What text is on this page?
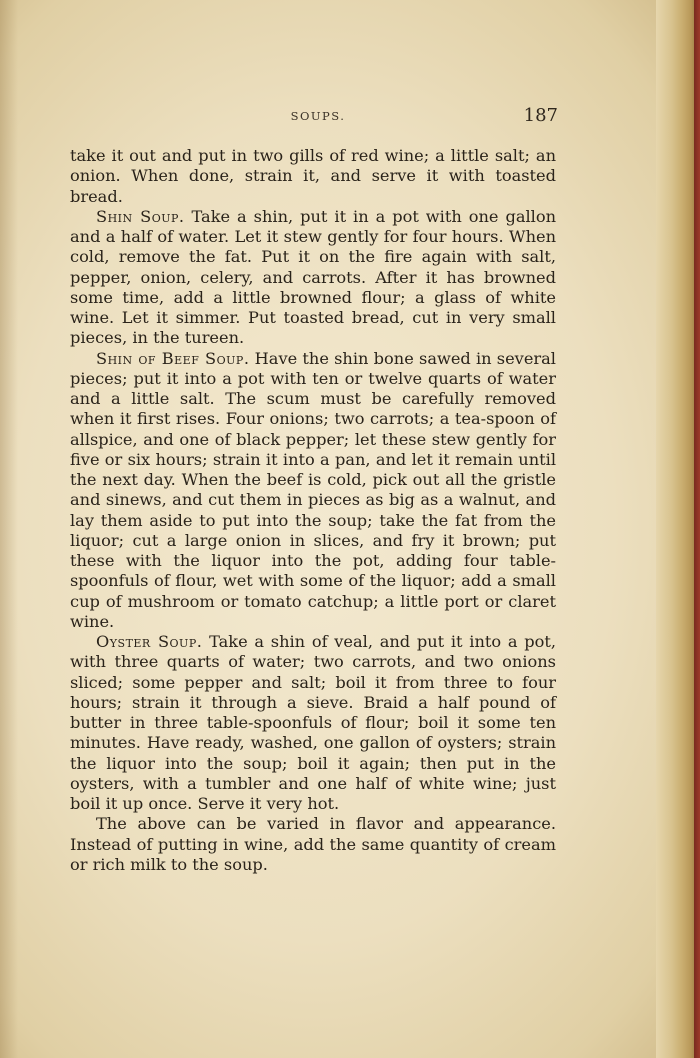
SOUPS.	187

take it out and put in two gills of red wine; a little salt; an onion. When done, strain it, and serve it with toasted bread.

Shin Soup. Take a shin, put it in a pot with one gallon and a half of water. Let it stew gently for four hours. When cold, remove the fat. Put it on the fire again with salt, pepper, onion, celery, and carrots. After it has browned some time, add a little browned flour; a glass of white wine. Let it simmer. Put toasted bread, cut in very small pieces, in the tureen.

Shin of Beef Soup. Have the shin bone sawed in several pieces; put it into a pot with ten or twelve quarts of water and a little salt. The scum must be carefully removed when it first rises. Four onions; two carrots; a tea-spoon of allspice, and one of black pepper; let these stew gently for five or six hours; strain it into a pan, and let it remain until the next day. When the beef is cold, pick out all the gristle and sinews, and cut them in pieces as big as a walnut, and lay them aside to put into the soup; take the fat from the liquor; cut a large onion in slices, and fry it brown; put these with the liquor into the pot, adding four table-spoonfuls of flour, wet with some of the liquor; add a small cup of mushroom or tomato catchup; a little port or claret wine.

Oyster Soup. Take a shin of veal, and put it into a pot, with three quarts of water; two carrots, and two onions sliced; some pepper and salt; boil it from three to four hours; strain it through a sieve. Braid a half pound of butter in three table-spoonfuls of flour; boil it some ten minutes. Have ready, washed, one gallon of oysters; strain the liquor into the soup; boil it again; then put in the oysters, with a tumbler and one half of white wine; just boil it up once. Serve it very hot.

The above can be varied in flavor and appearance. Instead of putting in wine, add the same quantity of cream or rich milk to the soup.
